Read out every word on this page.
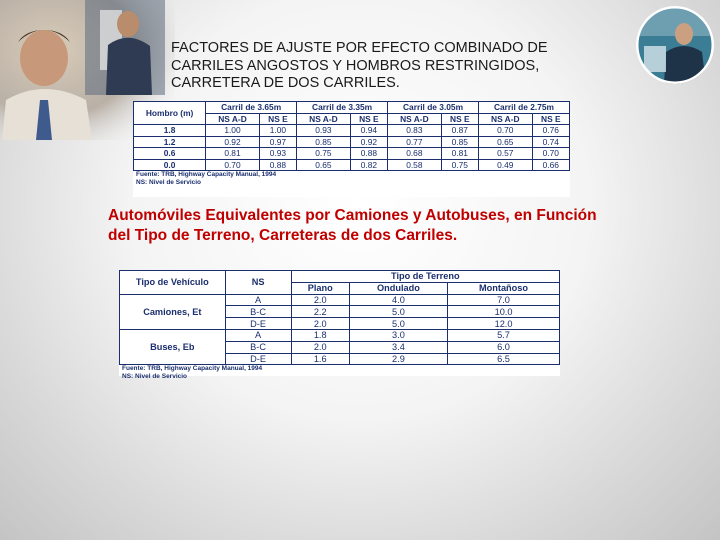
FACTORES DE AJUSTE POR EFECTO COMBINADO DE CARRILES ANGOSTOS Y HOMBROS RESTRINGIDOS, CARRETERA DE DOS CARRILES.
Hombro (m)	Carril de 3.65m		Carril de 3.35m		Carril de 3.05m		Carril de 2.75m	
	NS A-D	NS E	NS A-D	NS E	NS A-D	NS E	NS A-D	NS E
1.8	1.00	1.00	0.93	0.94	0.83	0.87	0.70	0.76
1.2	0.92	0.97	0.85	0.92	0.77	0.85	0.65	0.74
0.6	0.81	0.93	0.75	0.88	0.68	0.81	0.57	0.70
0.0	0.70	0.88	0.65	0.82	0.58	0.75	0.49	0.66
Fuente: TRB, Highway Capacity Manual, 1994
NS: Nivel de Servicio
Automóviles Equivalentes por Camiones y Autobuses, en Función del Tipo de Terreno, Carreteras de dos Carriles.
Tipo de Vehículo	NS	Tipo de Terreno		
		Plano	Ondulado	Montañoso
Camiones, Et	A	2.0	4.0	7.0
	B-C	2.2	5.0	10.0
	D-E	2.0	5.0	12.0
Buses, Eb	A	1.8	3.0	5.7
	B-C	2.0	3.4	6.0
	D-E	1.6	2.9	6.5
Fuente: TRB, Highway Capacity Manual, 1994
NS: Nivel de Servicio
